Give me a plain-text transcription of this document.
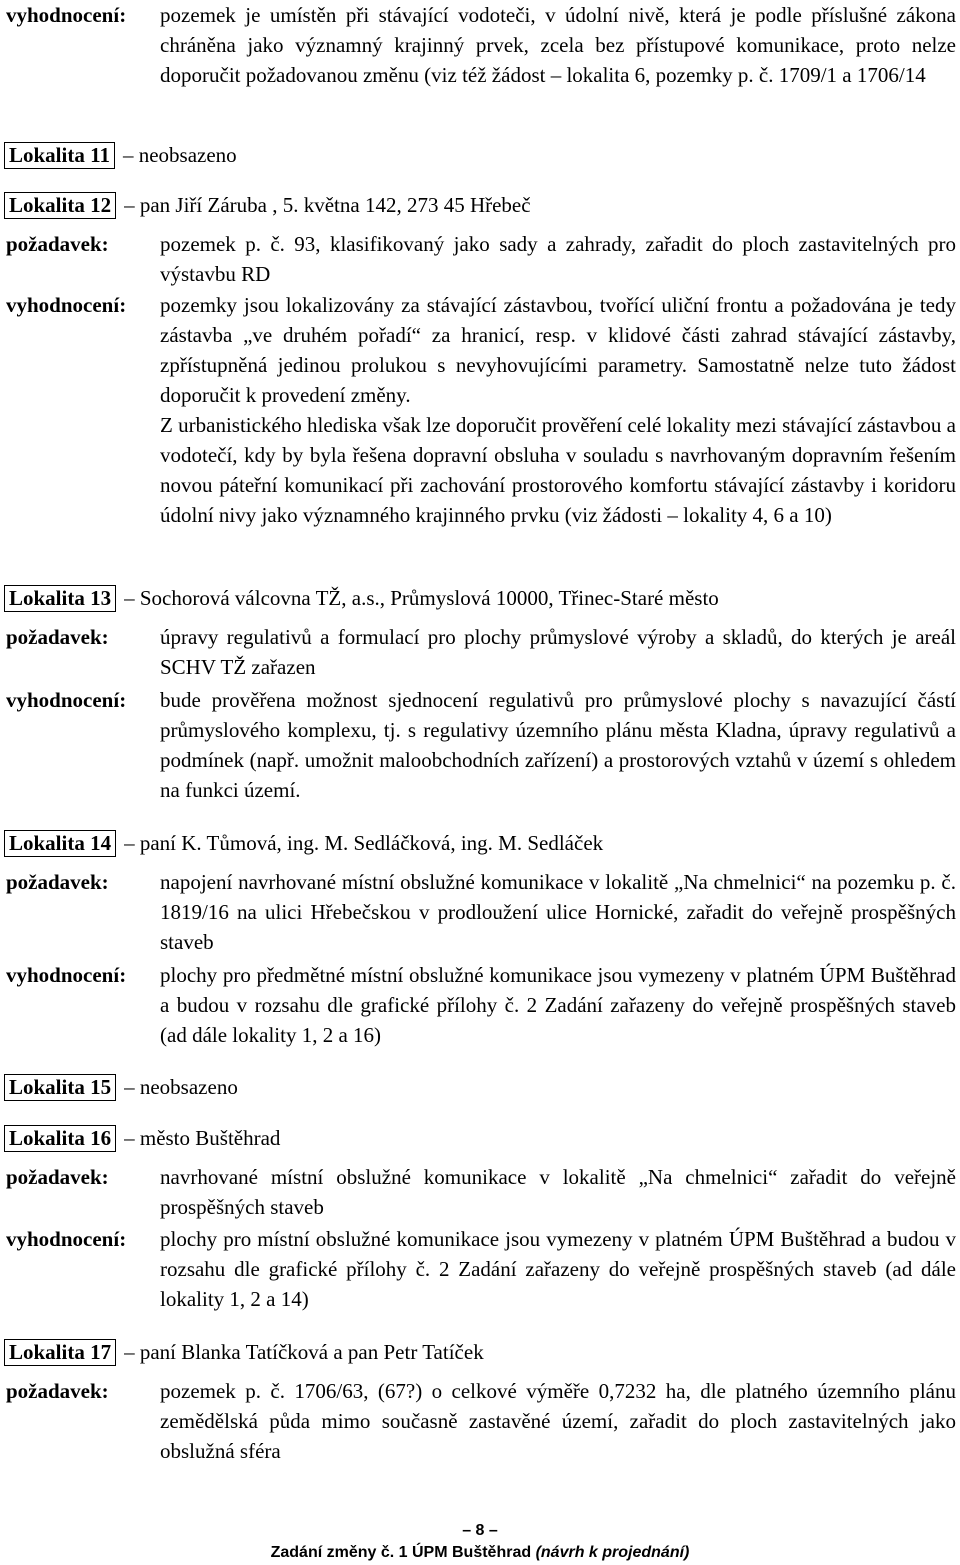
vyhodnocení:	pozemek je umístěn při stávající vodoteči, v údolní nivě, která je podle příslušné zákona chráněna jako významný krajinný prvek, zcela bez přístupové komunikace, proto nelze doporučit požadovanou změnu (viz též žádost – lokalita 6, pozemky p. č. 1709/1 a 1706/14
Lokalita 11 – neobsazeno
Lokalita 12 – pan Jiří Záruba , 5. května 142, 273 45 Hřebeč
požadavek:	pozemek p. č. 93, klasifikovaný jako sady a zahrady, zařadit do ploch zastavitelných pro výstavbu RD
vyhodnocení:	pozemky jsou lokalizovány za stávající zástavbou, tvořící uliční frontu a požadována je tedy zástavba „ve druhém pořadí“ za hranicí, resp. v klidové části zahrad stávající zástavby, zpřístupněná jedinou prolukou s nevyhovujícími parametry. Samostatně nelze tuto žádost doporučit k provedení změny.
Z urbanistického hlediska však lze doporučit prověření celé lokality mezi stávající zástavbou a vodotečí, kdy by byla řešena dopravní obsluha v souladu s navrhovaným dopravním řešením novou páteřní komunikací při zachování prostorového komfortu stávající zástavby i koridoru údolní nivy jako významného krajinného prvku (viz žádosti – lokality 4, 6 a 10)
Lokalita 13 – Sochorová válcovna TŽ, a.s., Průmyslová 10000, Třinec-Staré město
požadavek:	úpravy regulativů a formulací pro plochy průmyslové výroby a skladů, do kterých je areál SCHV TŽ zařazen
vyhodnocení:	bude prověřena možnost sjednocení regulativů pro průmyslové plochy s navazující částí průmyslového komplexu, tj. s regulativy územního plánu města Kladna, úpravy regulativů a podmínek (např. umožnit maloobchodních zařízení) a prostorových vztahů v území s ohledem na funkci území.
Lokalita 14 – paní K. Tůmová, ing. M. Sedláčková, ing. M. Sedláček
požadavek:	napojení navrhované místní obslužné komunikace v lokalitě „Na chmelnici“ na pozemku p. č. 1819/16 na ulici Hřebečskou v prodloužení ulice Hornické, zařadit do veřejně prospěšných staveb
vyhodnocení:	plochy pro předmětné místní obslužné komunikace jsou vymezeny v platném ÚPM Buštěhrad a budou v rozsahu dle grafické přílohy č. 2 Zadání zařazeny do veřejně prospěšných staveb (ad dále lokality 1, 2 a 16)
Lokalita 15 – neobsazeno
Lokalita 16 – město Buštěhrad
požadavek:	navrhované místní obslužné komunikace v lokalitě „Na chmelnici“ zařadit do veřejně prospěšných staveb
vyhodnocení:	plochy pro místní obslužné komunikace jsou vymezeny v platném ÚPM Buštěhrad a budou v rozsahu dle grafické přílohy č. 2 Zadání zařazeny do veřejně prospěšných staveb (ad dále lokality 1, 2 a 14)
Lokalita 17 – paní Blanka Tatíčková a pan Petr Tatíček
požadavek:	pozemek p. č. 1706/63, (67?) o celkové výměře 0,7232 ha, dle platného územního plánu zemědělská půda mimo současně zastavěné území, zařadit do ploch zastavitelných jako obslužná sféra
– 8 –
Zadání změny č. 1 ÚPM Buštěhrad (návrh k projednání)
